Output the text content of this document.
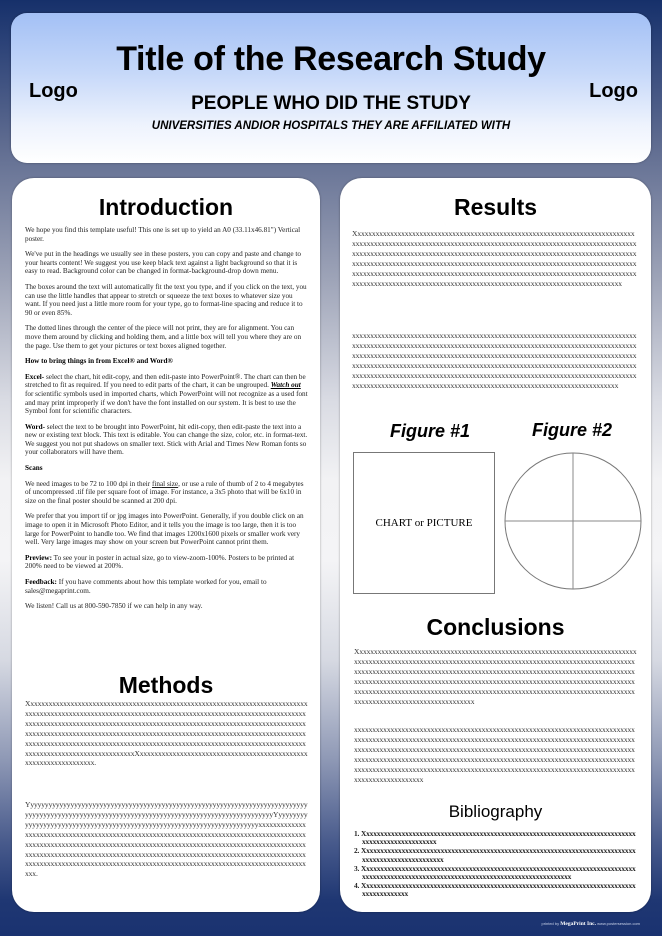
Logo
Title of the Research Study
Logo
PEOPLE WHO DID THE STUDY
UNIVERSITIES ANDIOR HOSPITALS THEY ARE AFFILIATED WITH
Introduction

We hope you find this template useful! This one is set up to yield an A0 (33.11x46.81") Vertical poster.

We've put in the headings we usually see in these posters, you can copy and paste and change to your hearts content! We suggest you use keep black text against a light background so that it is easy to read. Background color can be changed in format-background-drop down menu.

The boxes around the text will automatically fit the text you type, and if you click on the text, you can use the little handles that appear to stretch or squeeze the text boxes to whatever size you want. If you need just a little more room for your type, go to format-line spacing and reduce it to 90 or even 85%.

The dotted lines through the center of the piece will not print, they are for alignment. You can move them around by clicking and holding them, and a little box will tell you where they are on the page. Use them to get your pictures or text boxes aligned together.

How to bring things in from Excel® and Word®

Excel- select the chart, hit edit-copy, and then edit-paste into PowerPoint®. The chart can then be stretched to fit as required. If you need to edit parts of the chart, it can be ungrouped. Watch out for scientific symbols used in imported charts, which PowerPoint will not recognize as a used font and may print improperly if we don't have the font installed on our system. It is best to use the Symbol font for scientific characters.

Word- select the text to be brought into PowerPoint, hit edit-copy, then edit-paste the text into a new or existing text block. This text is editable. You can change the size, color, etc. in format-text. We suggest you not put shadows on smaller text. Stick with Arial and Times New Roman fonts so your collaborators will have them.

Scans

We need images to be 72 to 100 dpi in their final size, or use a rule of thumb of 2 to 4 megabytes of uncompressed .tif file per square foot of image. For instance, a 3x5 photo that will be 6x10 in size on the final poster should be scanned at 200 dpi.

We prefer that you import tif or jpg images into PowerPoint. Generally, if you double click on an image to open it in Microsoft Photo Editor, and it tells you the image is too large, then it is too large for PowerPoint to handle too. We find that images 1200x1600 pixels or smaller work very well. Very large images may show on your screen but PowerPoint cannot print them.

Preview: To see your in poster in actual size, go to view-zoom-100%. Posters to be printed at 200% need to be viewed at 200%.

Feedback: If you have comments about how this template worked for you, email to sales@megaprint.com.

We listen! Call us at 800-590-7850 if we can help in any way.

Methods

XxxxxxxxxxxxxxxxxxxxxxxxxxxxxxxxxxxxxxxxxxxxxxxxxxxxxxxxxxxxxxxxxxxxxxxxxxxxxxxxxxxxxxxxxxxxxxxxxxxxxxxxxxxxxxxxxxxxxxxxxxxxxxxxxxxxxxxxxxxxxxxxxxxxxxxxxxxxxxxxxxxxxxxxxxxxxxxxxxxxxxxxxxxxxxxxxxxxxxxxxxxxxxxxxxxxxxxxxxxxxxxxxxxxxxxxxxxxxxxxxxxxxxxxxxxxxxxxxxxxxxxxxxxxxxxxxxxxxxxxxxxxxxxxxxxxxxxxxxxxxxxxxxxxxxxxxxxxxxxxxxxxxxxxxxxxxxxxxxxxxxxxxxxxxxxxxxxxxxxxxxxxxxxxxxxxxxxxxxxxxxxxxxxxxxxxxxxxxxxxxxxxxxxxxxxxxxxXxxxxxxxxxxxxxxxxxxxxxxxxxxxxxxxxxxxxxxxxxxxxxxxxxxxxxxxxxxxxxxxxx.

YyyyyyyyyyyyyyyyyyyyyyyyyyyyyyyyyyyyyyyyyyyyyyyyyyyyyyyyyyyyyyyyyyyyyyyyyyyyyyyyyyyyyyyyyyyyyyyyyyyyyyyyyyyyyyyyyyyyyyyyyyyyyyyyyyyyyyyyyyyyyyyyyYyyyyyyyyyyyyyyyyyyyyyyyyyyyyyyyyyyyyyyyyyyyyyyyyyyyyyyyyyyyyyyyyyyyyyyyyxxxxxxxxxxxxxxxxxxxxxxxxxxxxxxxxxxxxxxxxxxxxxxxxxxxxxxxxxxxxxxxxxxxxxxxxxxxxxxxxxxxxxxxxxxxxxxxxxxxxxxxxxxxxxxxxxxxxxxxxxxxxxxxxxxxxxxxxxxxxxxxxxxxxxxxxxxxxxxxxxxxxxxxxxxxxxxxxxxxxxxxxxxxxxxxxxxxxxxxxxxxxxxxxxxxxxxxxxxxxxxxxxxxxxxxxxxxxxxxxxxxxxxxxxxxxxxxxxxxxxxxxxxxxxxxxxxxxxxxxxxxxxxxxxxxxxxxxxxxxxxxxxxxxxxxxxxxxxxxxxxxx.

Results

Xxxxxxxxxxxxxxxxxxxxxxxxxxxxxxxxxxxxxxxxxxxxxxxxxxxxxxxxxxxxxxxxxxxxxxxxxxxxxxxxxxxxxxxxxxxxxxxxxxxxxxxxxxxxxxxxxxxxxxxxxxxxxxxxxxxxxxxxxxxxxxxxxxxxxxxxxxxxxxxxxxxxxxxxxxxxxxxxxxxxxxxxxxxxxxxxxxxxxxxxxxxxxxxxxxxxxxxxxxxxxxxxxxxxxxxxxxxxxxxxxxxxxxxxxxxxxxxxxxxxxxxxxxxxxxxxxxxxxxxxxxxxxxxxxxxxxxxxxxxxxxxxxxxxxxxxxxxxxxxxxxxxxxxxxxxxxxxxxxxxxxxxxxxxxxxxxxxxxxxxxxxxxxxxxxxxxxxxxxxxxxxxxxxxxxxxxxxxxxxxxxxxxxxxxxxxxxxxxxxxxxxxxxxxxxxxxxxxxxxxxxxxxxxxxxxxxxxxxxxxxxx

xxxxxxxxxxxxxxxxxxxxxxxxxxxxxxxxxxxxxxxxxxxxxxxxxxxxxxxxxxxxxxxxxxxxxxxxxxxxxxxxxxxxxxxxxxxxxxxxxxxxxxxxxxxxxxxxxxxxxxxxxxxxxxxxxxxxxxxxxxxxxxxxxxxxxxxxxxxxxxxxxxxxxxxxxxxxxxxxxxxxxxxxxxxxxxxxxxxxxxxxxxxxxxxxxxxxxxxxxxxxxxxxxxxxxxxxxxxxxxxxxxxxxxxxxxxxxxxxxxxxxxxxxxxxxxxxxxxxxxxxxxxxxxxxxxxxxxxxxxxxxxxxxxxxxxxxxxxxxxxxxxxxxxxxxxxxxxxxxxxxxxxxxxxxxxxxxxxxxxxxxxxxxxxxxxxxxxxxxxxxxxxxxxxxxxxxxxxxxxxxxxxxxxxxxxxxxxxxxxxxxxxxxxxxxxxxxxxxxxxxxxxxxxxxxxxxxxxxxxxxxxx

Figure #1	Figure #2
CHART or PICTURE
Conclusions

Xxxxxxxxxxxxxxxxxxxxxxxxxxxxxxxxxxxxxxxxxxxxxxxxxxxxxxxxxxxxxxxxxxxxxxxxxxxxxxxxxxxxxxxxxxxxxxxxxxxxxxxxxxxxxxxxxxxxxxxxxxxxxxxxxxxxxxxxxxxxxxxxxxxxxxxxxxxxxxxxxxxxxxxxxxxxxxxxxxxxxxxxxxxxxxxxxxxxxxxxxxxxxxxxxxxxxxxxxxxxxxxxxxxxxxxxxxxxxxxxxxxxxxxxxxxxxxxxxxxxxxxxxxxxxxxxxxxxxxxxxxxxxxxxxxxxxxxxxxxxxxxxxxxxxxxxxxxxxxxxxxxxxxxxxxxxxxxxxxxxxxxxxxxxxxxxxxxxxxxxxxxxxxxxxxxxxxxxxxxxxxxxxxxxxxxxxxxxxxxxxxxxxxxxxxxxxxxxxx

xxxxxxxxxxxxxxxxxxxxxxxxxxxxxxxxxxxxxxxxxxxxxxxxxxxxxxxxxxxxxxxxxxxxxxxxxxxxxxxxxxxxxxxxxxxxxxxxxxxxxxxxxxxxxxxxxxxxxxxxxxxxxxxxxxxxxxxxxxxxxxxxxxxxxxxxxxxxxxxxxxxxxxxxxxxxxxxxxxxxxxxxxxxxxxxxxxxxxxxxxxxxxxxxxxxxxxxxxxxxxxxxxxxxxxxxxxxxxxxxxxxxxxxxxxxxxxxxxxxxxxxxxxxxxxxxxxxxxxxxxxxxxxxxxxxxxxxxxxxxxxxxxxxxxxxxxxxxxxxxxxxxxxxxxxxxxxxxxxxxxxxxxxxxxxxxxxxxxxxxxxxxxxxxxxxxxxxxxxxxxxxxxxxxxxxxxxxxxxxxxxxx

Bibliography
1. Xxxxxxxxxxxxxxxxxxxxxxxxxxxxxxxxxxxxxxxxxxxxxxxxxxxxxxxxxxxxxxxxxxxxxxxxxxxxxxxxxxxxxxxxxxxxxxxxxx
2. Xxxxxxxxxxxxxxxxxxxxxxxxxxxxxxxxxxxxxxxxxxxxxxxxxxxxxxxxxxxxxxxxxxxxxxxxxxxxxxxxxxxxxxxxxxxxxxxxxxxx
3. Xxxxxxxxxxxxxxxxxxxxxxxxxxxxxxxxxxxxxxxxxxxxxxxxxxxxxxxxxxxxxxxxxxxxxxxxxxxxxxxxxxxxxxxxxxxxxxxxxxxxxxxxxxxxxxxxxxxxxxxxxxxxxxxxxxxxxxxx
4. Xxxxxxxxxxxxxxxxxxxxxxxxxxxxxxxxxxxxxxxxxxxxxxxxxxxxxxxxxxxxxxxxxxxxxxxxxxxxxxxxxxxxxxxxxx
printed by MegaPrint Inc. www.postersession.com
